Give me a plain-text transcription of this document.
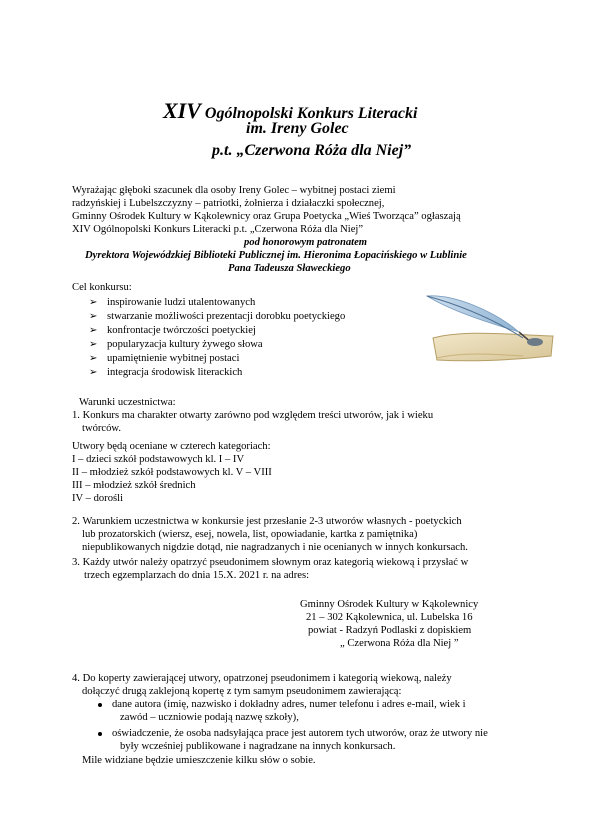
XIV Ogólnopolski Konkurs Literacki
im. Ireny Golec
p.t. „Czerwona Róża dla Niej”
Wyrażając głęboki szacunek dla osoby Ireny Golec – wybitnej postaci ziemi
radzyńskiej i Lubelszczyzny – patriotki, żołnierza i działaczki społecznej,
Gminny Ośrodek Kultury w Kąkolewnicy oraz Grupa Poetycka „Wieś Tworząca” ogłaszają
XIV Ogólnopolski Konkurs Literacki p.t. „Czerwona Róża dla Niej”
pod honorowym patronatem
Dyrektora Wojewódzkiej Biblioteki Publicznej im. Hieronima Łopacińskiego w Lublinie
Pana Tadeusza Sławeckiego
Cel konkursu:
➢ inspirowanie ludzi utalentowanych
➢ stwarzanie możliwości prezentacji dorobku poetyckiego
➢ konfrontacje twórczości poetyckiej
➢ popularyzacja kultury żywego słowa
➢ upamiętnienie wybitnej postaci
➢ integracja środowisk literackich
Warunki uczestnictwa:
1. Konkurs ma charakter otwarty zarówno pod względem treści utworów, jak i wieku
twórców.
Utwory będą oceniane w czterech kategoriach:
I – dzieci szkół podstawowych kl. I – IV
II – młodzież szkół podstawowych kl. V – VIII
III – młodzież szkół średnich
IV – dorośli
2. Warunkiem uczestnictwa w konkursie jest przesłanie 2-3 utworów własnych - poetyckich
lub prozatorskich (wiersz, esej, nowela, list, opowiadanie, kartka z pamiętnika)
niepublikowanych nigdzie dotąd, nie nagradzanych i nie ocenianych w innych konkursach.
3. Każdy utwór należy opatrzyć pseudonimem słownym oraz kategorią wiekową i przysłać w
trzech egzemplarzach do dnia 15.X. 2021 r. na adres:
Gminny Ośrodek Kultury w Kąkolewnicy
21 – 302 Kąkolewnica, ul. Lubelska 16
powiat - Radzyń Podlaski z dopiskiem
„ Czerwona Róża dla Niej ”
4. Do koperty zawierającej utwory, opatrzonej pseudonimem i kategorią wiekową, należy
dołączyć drugą zaklejoną kopertę z tym samym pseudonimem zawierającą:
dane autora (imię, nazwisko i dokładny adres, numer telefonu i adres e-mail, wiek i
zawód – uczniowie podają nazwę szkoły),
oświadczenie, że osoba nadsyłająca prace jest autorem tych utworów, oraz że utwory nie
były wcześniej publikowane i nagradzane na innych konkursach.
Mile widziane będzie umieszczenie kilku słów o sobie.
